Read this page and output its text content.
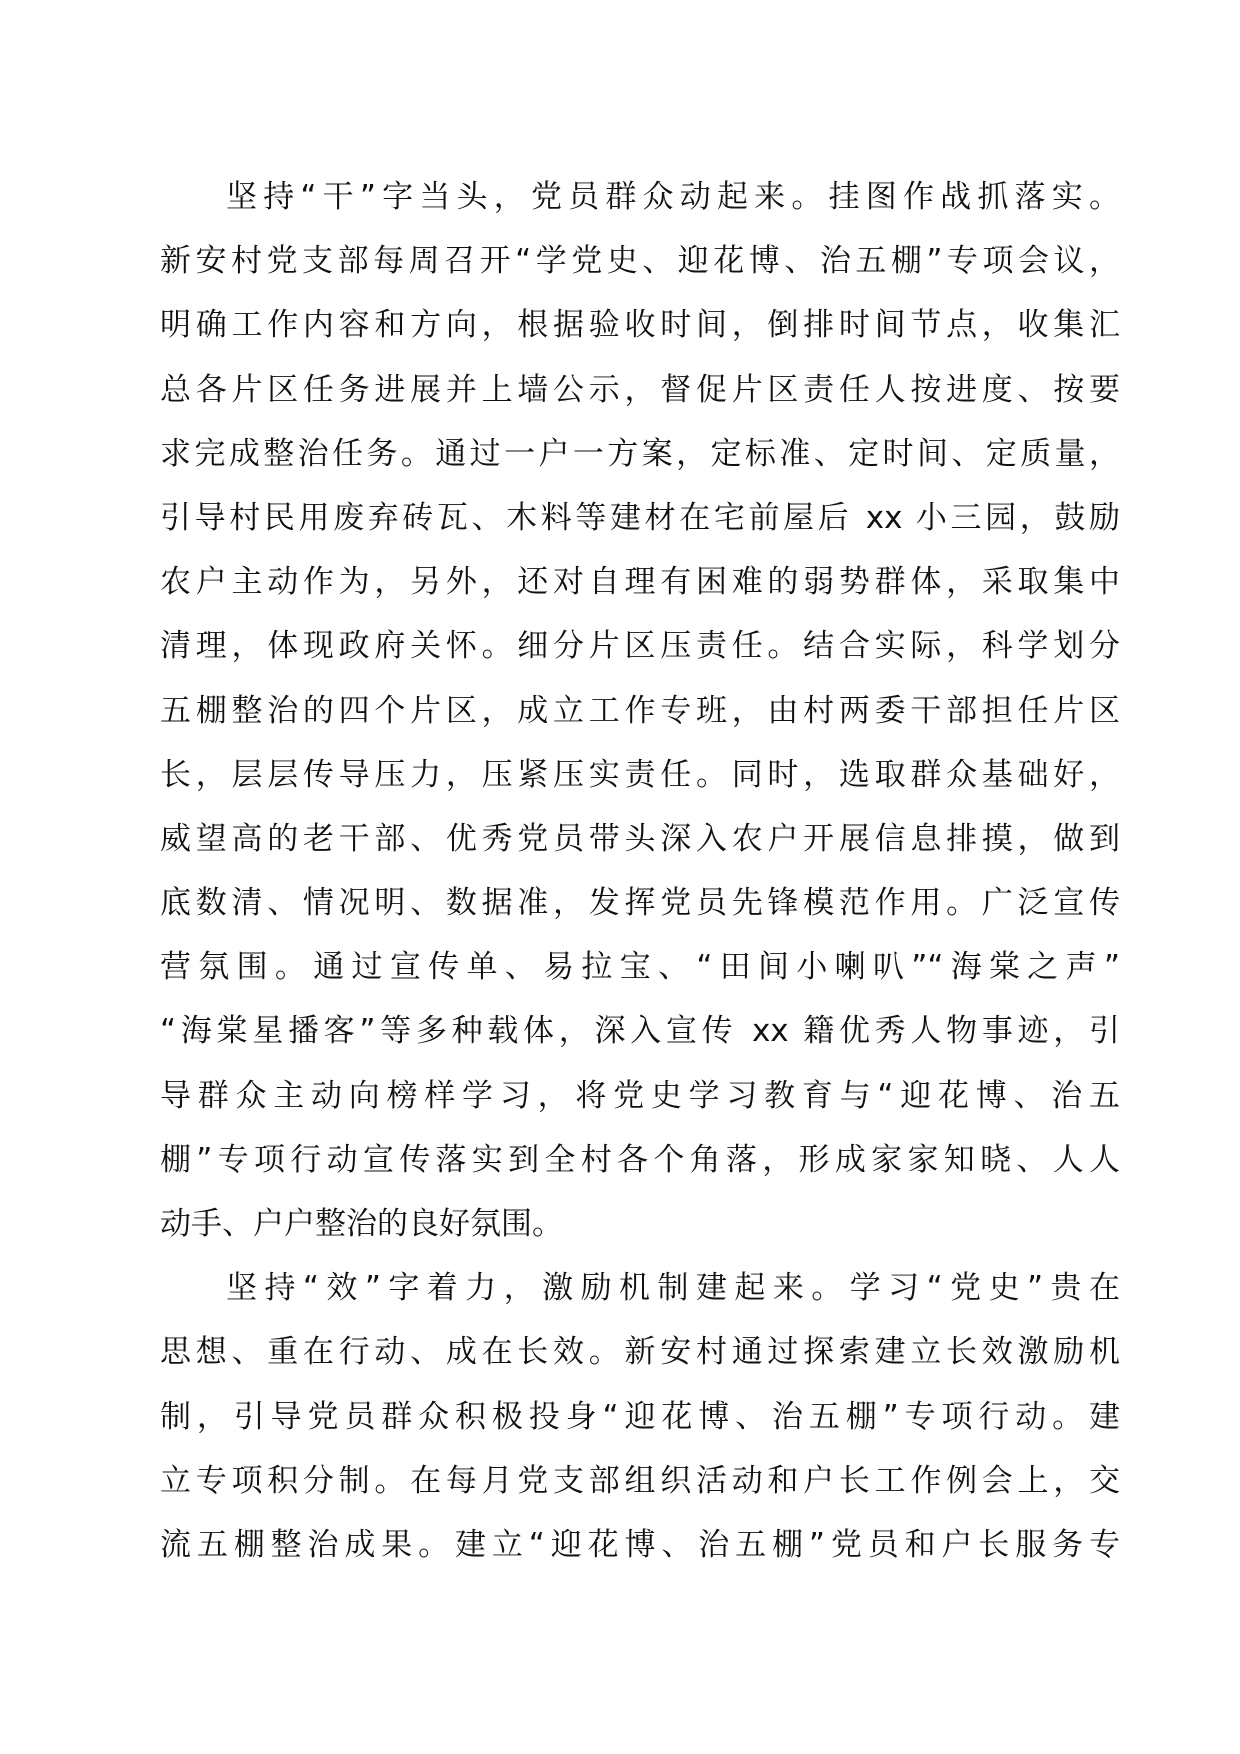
坚持“干”字当头，党员群众动起来。挂图作战抓落实。
新安村党支部每周召开“学党史、迎花博、治五棚”专项会议，
明确工作内容和方向，根据验收时间，倒排时间节点，收集汇
总各片区任务进展并上墙公示，督促片区责任人按进度、按要
求完成整治任务。通过一户一方案，定标准、定时间、定质量，
引导村民用废弃砖瓦、木料等建材在宅前屋后 xx 小三园，鼓励
农户主动作为，另外，还对自理有困难的弱势群体，采取集中
清理，体现政府关怀。细分片区压责任。结合实际，科学划分
五棚整治的四个片区，成立工作专班，由村两委干部担任片区
长，层层传导压力，压紧压实责任。同时，选取群众基础好，
威望高的老干部、优秀党员带头深入农户开展信息排摸，做到
底数清、情况明、数据准，发挥党员先锋模范作用。广泛宣传
营氛围。通过宣传单、易拉宝、“田间小喇叭”“海棠之声”
“海棠星播客”等多种载体，深入宣传 xx 籍优秀人物事迹，引
导群众主动向榜样学习，将党史学习教育与“迎花博、治五
棚”专项行动宣传落实到全村各个角落，形成家家知晓、人人
动手、户户整治的良好氛围。
坚持“效”字着力，激励机制建起来。学习“党史”贵在
思想、重在行动、成在长效。新安村通过探索建立长效激励机
制，引导党员群众积极投身“迎花博、治五棚”专项行动。建
立专项积分制。在每月党支部组织活动和户长工作例会上，交
流五棚整治成果。建立“迎花博、治五棚”党员和户长服务专
